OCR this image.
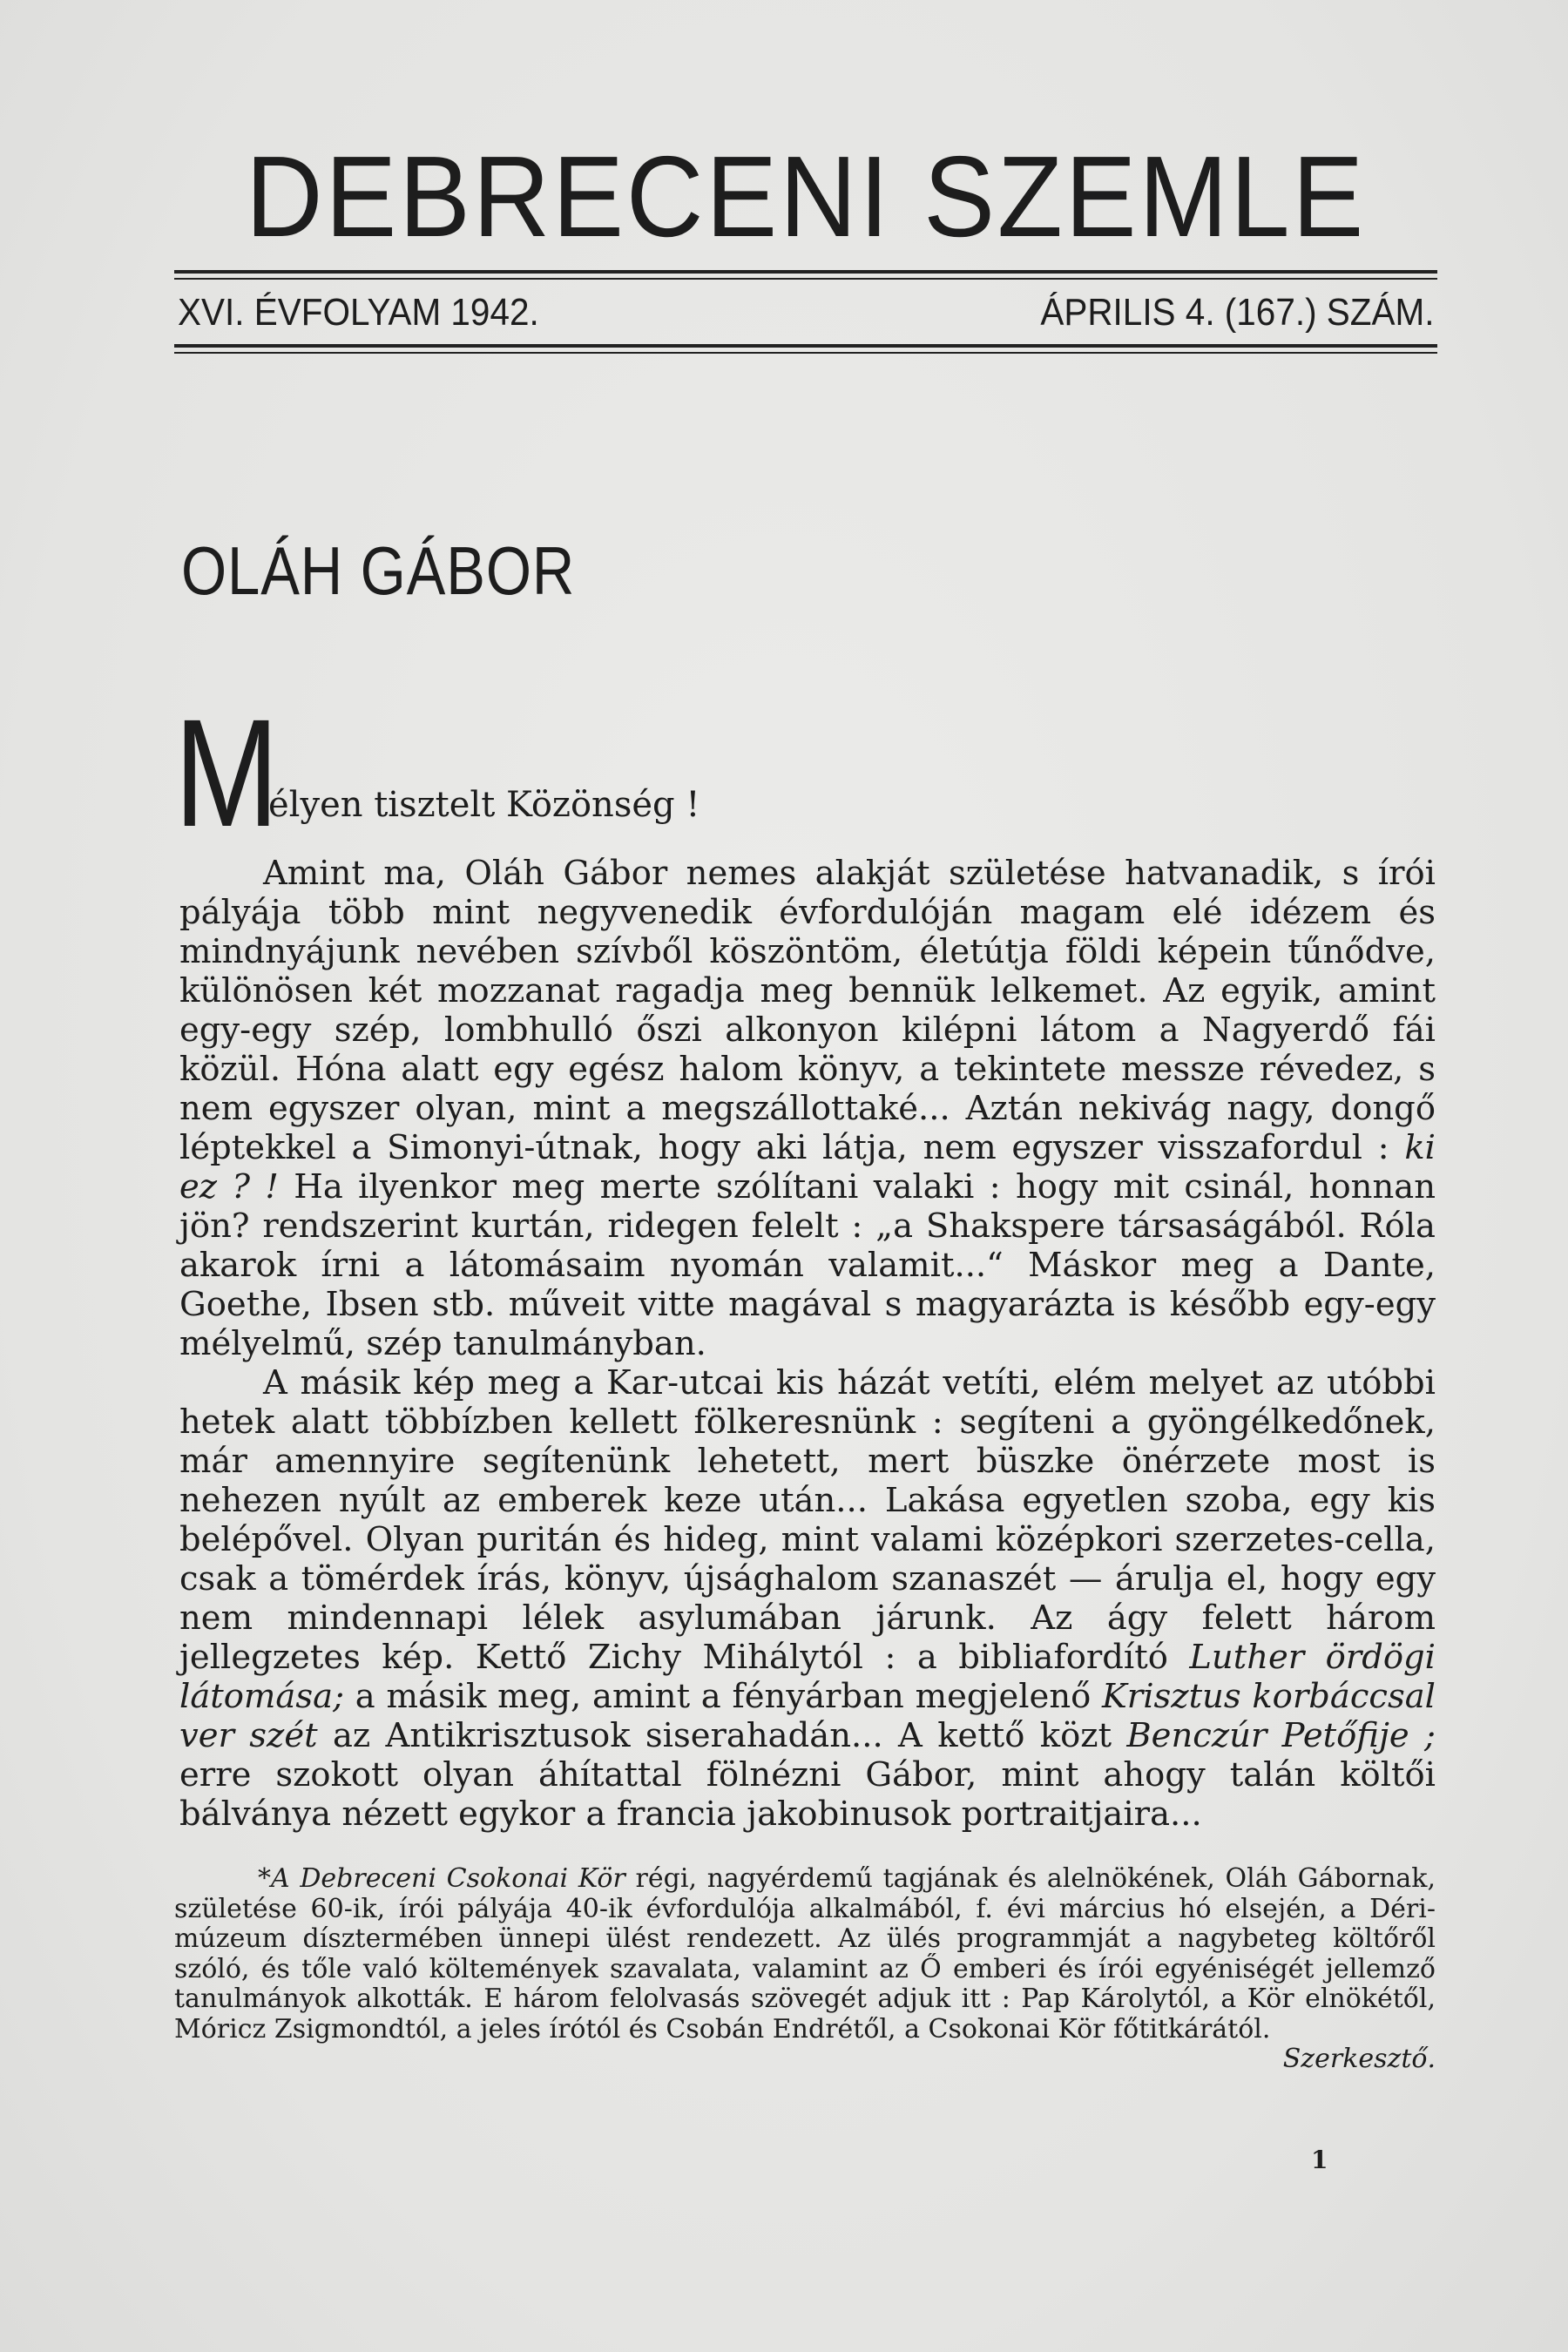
DEBRECENI SZEMLE
XVI. ÉVFOLYAM 1942.	ÁPRILIS 4. (167.) SZÁM.
OLÁH GÁBOR
M
élyen tisztelt Közönség !

Amint ma, Oláh Gábor nemes alakját születése hatvanadik, s írói pályája több mint negyvenedik évfordulóján magam elé idézem és mindnyájunk nevében szívből köszöntöm, életútja földi képein tűnődve, különösen két mozzanat ragadja meg bennük lelkemet. Az egyik, amint egy-egy szép, lombhulló őszi alkonyon kilépni látom a Nagyerdő fái közül. Hóna alatt egy egész halom könyv, a tekintete messze révedez, s nem egyszer olyan, mint a megszállottaké... Aztán nekivág nagy, dongő léptekkel a Simonyi-útnak, hogy aki látja, nem egyszer visszafordul : ki ez ? ! Ha ilyenkor meg merte szólítani valaki : hogy mit csinál, honnan jön? rendszerint kurtán, ridegen felelt : „a Shakspere társaságából. Róla akarok írni a látomásaim nyomán valamit...“ Máskor meg a Dante, Goethe, Ibsen stb. műveit vitte magával s magyarázta is később egy-egy mélyelmű, szép tanulmányban.

A másik kép meg a Kar-utcai kis házát vetíti, elém melyet az utóbbi hetek alatt többízben kellett fölkeresnünk : segíteni a gyöngélkedőnek, már amennyire segítenünk lehetett, mert büszke önérzete most is nehezen nyúlt az emberek keze után... Lakása egyetlen szoba, egy kis belépővel. Olyan puritán és hideg, mint valami középkori szerzetes-cella, csak a tömérdek írás, könyv, újsághalom szanaszét — árulja el, hogy egy nem mindennapi lélek asylumában járunk. Az ágy felett három jellegzetes kép. Kettő Zichy Mihálytól : a bibliafordító Luther ördögi látomása; a másik meg, amint a fényárban megjelenő Krisztus korbáccsal ver szét az Antikrisztusok siserahadán... A kettő közt Benczúr Petőfije ; erre szokott olyan áhítattal fölnézni Gábor, mint ahogy talán költői bálványa nézett egykor a francia jakobinusok portraitjaira...

*A Debreceni Csokonai Kör régi, nagyérdemű tagjának és alelnökének, Oláh Gábornak, születése 60-ik, írói pályája 40-ik évfordulója alkalmából, f. évi március hó elsején, a Déri-múzeum dísztermében ünnepi ülést rendezett. Az ülés programmját a nagybeteg költőről szóló, és tőle való költemények szavalata, valamint az Ő emberi és írói egyéniségét jellemző tanulmányok alkották. E három felolvasás szövegét adjuk itt : Pap Károlytól, a Kör elnökétől, Móricz Zsigmondtól, a jeles írótól és Csobán Endrétől, a Csokonai Kör főtitkárától.
Szerkesztő.

1
